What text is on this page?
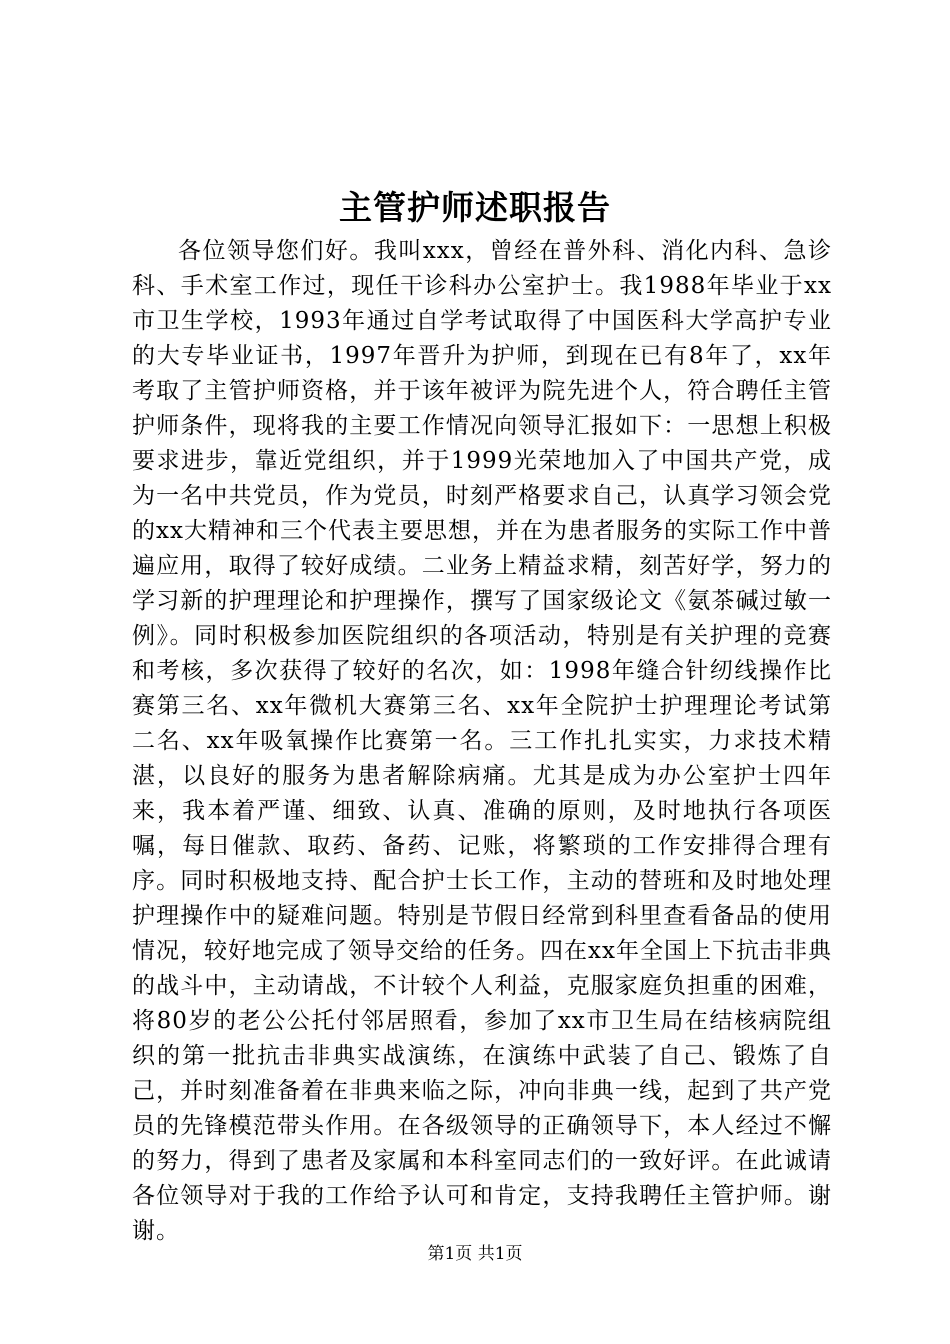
主管护师述职报告

各位领导您们好。我叫xxx，曾经在普外科、消化内科、急诊科、手术室工作过，现任干诊科办公室护士。我1988年毕业于xx市卫生学校，1993年通过自学考试取得了中国医科大学高护专业的大专毕业证书，1997年晋升为护师，到现在已有8年了，xx年考取了主管护师资格，并于该年被评为院先进个人，符合聘任主管护师条件，现将我的主要工作情况向领导汇报如下：一思想上积极要求进步，靠近党组织，并于1999光荣地加入了中国共产党，成为一名中共党员，作为党员，时刻严格要求自己，认真学习领会党的xx大精神和三个代表主要思想，并在为患者服务的实际工作中普遍应用，取得了较好成绩。二业务上精益求精，刻苦好学，努力的学习新的护理理论和护理操作，撰写了国家级论文《氨茶碱过敏一例》。同时积极参加医院组织的各项活动，特别是有关护理的竞赛和考核，多次获得了较好的名次，如：1998年缝合针纫线操作比赛第三名、xx年微机大赛第三名、xx年全院护士护理理论考试第二名、xx年吸氧操作比赛第一名。三工作扎扎实实，力求技术精湛，以良好的服务为患者解除病痛。尤其是成为办公室护士四年来，我本着严谨、细致、认真、准确的原则，及时地执行各项医嘱，每日催款、取药、备药、记账，将繁琐的工作安排得合理有序。同时积极地支持、配合护士长工作，主动的替班和及时地处理护理操作中的疑难问题。特别是节假日经常到科里查看备品的使用情况，较好地完成了领导交给的任务。四在xx年全国上下抗击非典的战斗中，主动请战，不计较个人利益，克服家庭负担重的困难，将80岁的老公公托付邻居照看，参加了xx市卫生局在结核病院组织的第一批抗击非典实战演练，在演练中武装了自己、锻炼了自己，并时刻准备着在非典来临之际，冲向非典一线，起到了共产党员的先锋模范带头作用。在各级领导的正确领导下，本人经过不懈的努力，得到了患者及家属和本科室同志们的一致好评。在此诚请各位领导对于我的工作给予认可和肯定，支持我聘任主管护师。谢谢。

第1页 共1页
